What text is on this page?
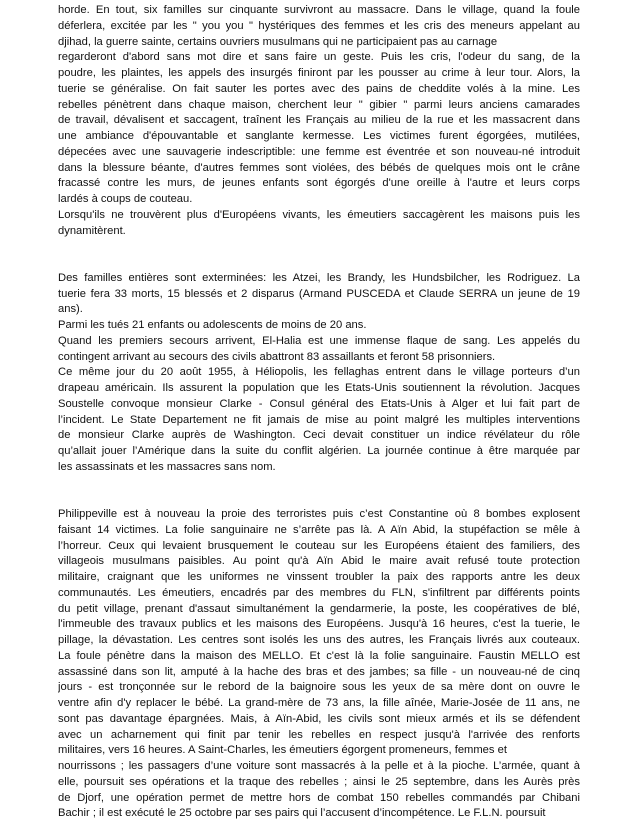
horde. En tout, six familles sur cinquante survivront au massacre. Dans le village, quand la foule
déferlera, excitée par les " you you " hystériques des femmes et les cris des meneurs appelant au
djihad, la guerre sainte, certains ouvriers musulmans qui ne participaient pas au carnage
regarderont d'abord sans mot dire et sans faire un geste. Puis les cris, l'odeur du sang, de la
poudre, les plaintes, les appels des insurgés finiront par les pousser au crime à leur tour. Alors, la
tuerie se généralise. On fait sauter les portes avec des pains de cheddite volés à la mine. Les
rebelles pénètrent dans chaque maison, cherchent leur " gibier " parmi leurs anciens camarades
de travail, dévalisent et saccagent, traînent les Français au milieu de la rue et les massacrent dans
une ambiance d'épouvantable et sanglante kermesse. Les victimes furent égorgées, mutilées,
dépecées avec une sauvagerie indescriptible: une femme est éventrée et son nouveau-né introduit
dans la blessure béante, d'autres femmes sont violées, des bébés de quelques mois ont le crâne
fracassé contre les murs, de jeunes enfants sont égorgés d'une oreille à l'autre et leurs corps
lardés à coups de couteau.
Lorsqu'ils ne trouvèrent plus d'Européens vivants, les émeutiers saccagèrent les maisons puis les
dynamitèrent.
Des familles entières sont exterminées: les Atzei, les Brandy, les Hundsbilcher, les Rodriguez. La
tuerie fera 33 morts, 15 blessés et 2 disparus (Armand PUSCEDA et Claude SERRA un jeune de 19
ans).
Parmi les tués 21 enfants ou adolescents de moins de 20 ans.
Quand les premiers secours arrivent, El-Halia est une immense flaque de sang. Les appelés du
contingent arrivant au secours des civils abattront 83 assaillants et feront 58 prisonniers.
Ce même jour du 20 août 1955, à Héliopolis, les fellaghas entrent dans le village porteurs d’un
drapeau américain. Ils assurent la population que les Etats-Unis soutiennent la révolution. Jacques
Soustelle convoque monsieur Clarke - Consul général des Etats-Unis à Alger et lui fait part de
l’incident. Le State Departement ne fit jamais de mise au point malgré les multiples interventions
de monsieur Clarke auprès de Washington. Ceci devait constituer un indice révélateur du rôle
qu’allait jouer l’Amérique dans la suite du conflit algérien. La journée continue à être marquée par
les assassinats et les massacres sans nom.
Philippeville est à nouveau la proie des terroristes puis c’est Constantine où 8 bombes explosent
faisant 14 victimes. La folie sanguinaire ne s’arrête pas là. A Aïn Abid, la stupéfaction se mêle à
l’horreur. Ceux qui levaient brusquement le couteau sur les Européens étaient des familiers, des
villageois musulmans paisibles. Au point qu'à Aïn Abid le maire avait refusé toute protection
militaire, craignant que les uniformes ne vinssent troubler la paix des rapports antre les deux
communautés. Les émeutiers, encadrés par des membres du FLN, s'infiltrent par différents points
du petit village, prenant d'assaut simultanément la gendarmerie, la poste, les coopératives de blé,
l'immeuble des travaux publics et les maisons des Européens. Jusqu'à 16 heures, c'est la tuerie, le
pillage, la dévastation. Les centres sont isolés les uns des autres, les Français livrés aux couteaux.
La foule pénètre dans la maison des MELLO. Et c'est là la folie sanguinaire. Faustin MELLO est
assassiné dans son lit, amputé à la hache des bras et des jambes; sa fille - un nouveau-né de cinq
jours - est tronçonnée sur le rebord de la baignoire sous les yeux de sa mère dont on ouvre le
ventre afin d'y replacer le bébé. La grand-mère de 73 ans, la fille aînée, Marie-Josée de 11 ans, ne
sont pas davantage épargnées. Mais, à Aïn-Abid, les civils sont mieux armés et ils se défendent
avec un acharnement qui finit par tenir les rebelles en respect jusqu'à l'arrivée des renforts
militaires, vers 16 heures. A Saint-Charles, les émeutiers égorgent promeneurs, femmes et
nourrissons ; les passagers d’une voiture sont massacrés à la pelle et à la pioche. L’armée, quant à
elle, poursuit ses opérations et la traque des rebelles ; ainsi le 25 septembre, dans les Aurès près
de Djorf, une opération permet de mettre hors de combat 150 rebelles commandés par Chibani
Bachir ; il est exécuté le 25 octobre par ses pairs qui l’accusent d’incompétence. Le F.L.N. poursuit
